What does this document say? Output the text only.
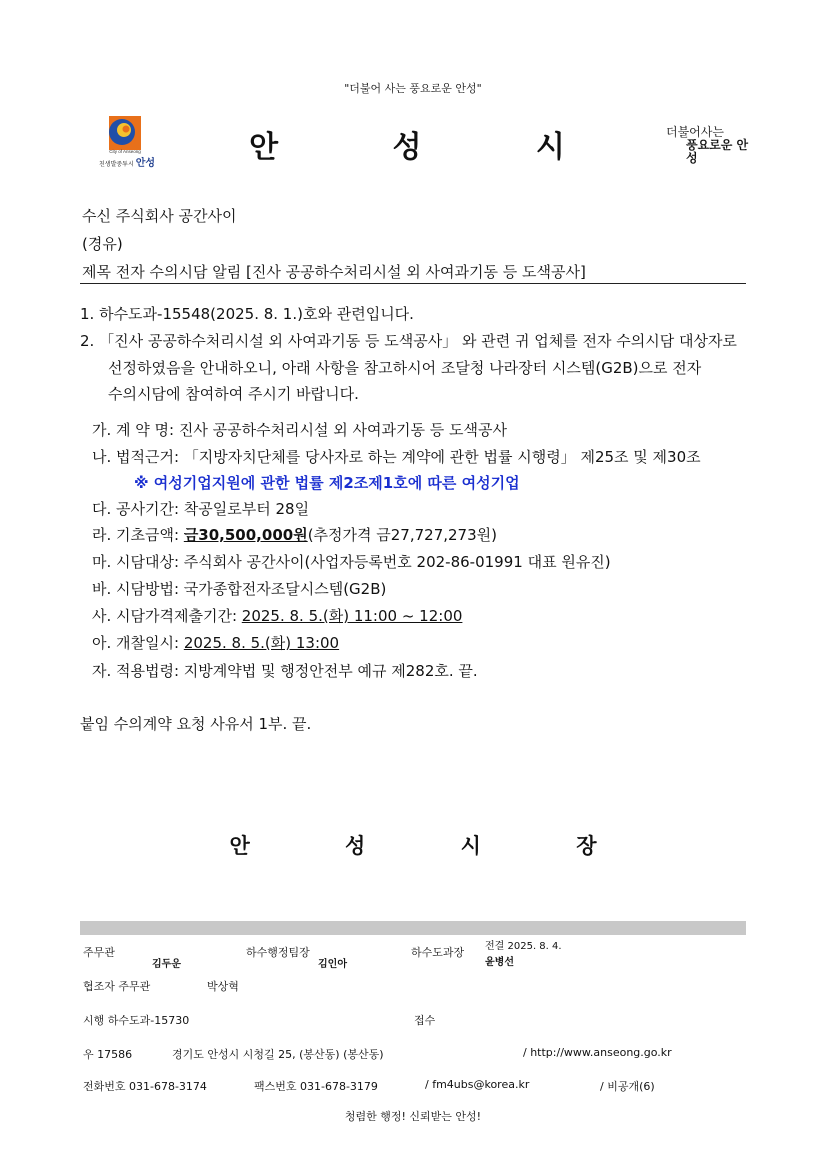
"더불어 사는 풍요로운 안성"
City of Anseong
친생발중투시 안성	안 성 시	더불어사는
풍요로운 안성
수신 주식회사 공간사이
(경유)
제목 전자 수의시담 알림 [진사 공공하수처리시설 외 사여과기동 등 도색공사]
1. 하수도과-15548(2025. 8. 1.)호와 관련입니다.
2. 「진사 공공하수처리시설 외 사여과기동 등 도색공사」 와 관련 귀 업체를 전자 수의시담 대상자로
선정하였음을 안내하오니, 아래 사항을 참고하시어 조달청 나라장터 시스템(G2B)으로 전자
수의시담에 참여하여 주시기 바랍니다.
가. 계 약 명: 진사 공공하수처리시설 외 사여과기동 등 도색공사
나. 법적근거: 「지방자치단체를 당사자로 하는 계약에 관한 법률 시행령」 제25조 및 제30조
※ 여성기업지원에 관한 법률 제2조제1호에 따른 여성기업
다. 공사기간: 착공일로부터 28일
라. 기초금액: 금30,500,000원(추정가격 금27,727,273원)
마. 시담대상: 주식회사 공간사이(사업자등록번호 202-86-01991 대표 원유진)
바. 시담방법: 국가종합전자조달시스템(G2B)
사. 시담가격제출기간: 2025. 8. 5.(화) 11:00 ~ 12:00
아. 개찰일시: 2025. 8. 5.(화) 13:00
자. 적용법령: 지방계약법 및 행정안전부 예규 제282호. 끝.
붙임 수의계약 요청 사유서 1부. 끝.
안 성 시 장
주무관
김두운
하수행정팀장
김인아
하수도과장 전결 2025. 8. 4.
윤병선
협조자 주무관	박상혁
시행 하수도과-15730	접수
우 17586	경기도 안성시 시청길 25, (봉산동) (봉산동)	/ http://www.anseong.go.kr
전화번호 031-678-3174	팩스번호 031-678-3179	/ fm4ubs@korea.kr	/ 비공개(6)
청렴한 행정! 신뢰받는 안성!
